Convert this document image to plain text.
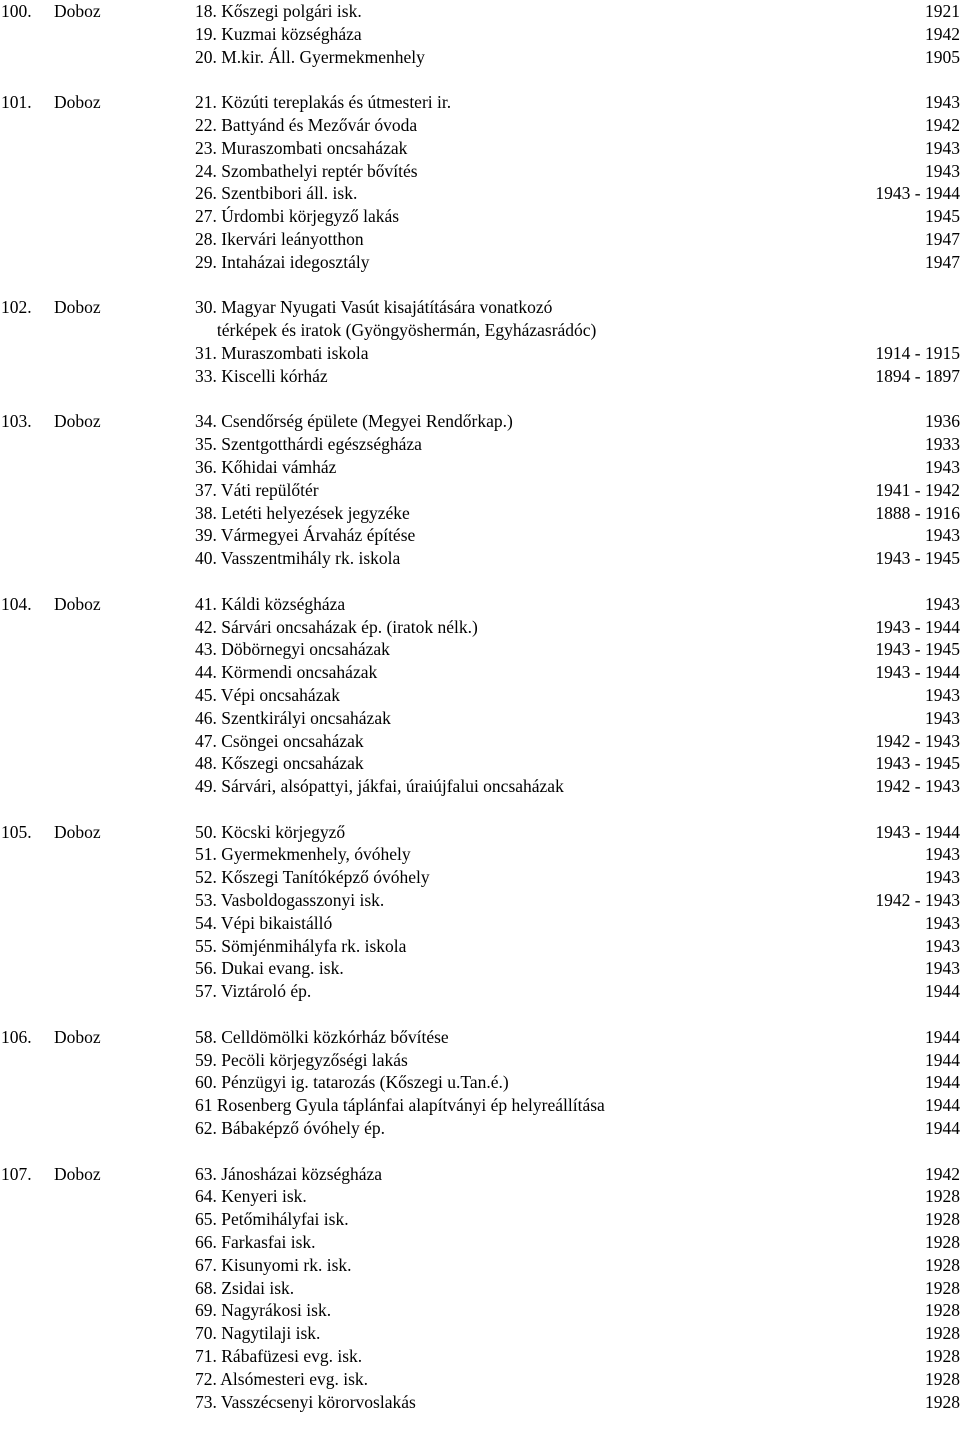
100. Doboz	18. Kőszegi polgári isk.	1921
19. Kuzmai községháza	1942
20. M.kir. Áll. Gyermekmenhely	1905
101. Doboz	21. Közúti tereplakás és útmesteri ir.	1943
22. Battyánd és Mezővár óvoda	1942
23. Muraszombati oncsaházak	1943
24. Szombathelyi reptér bővítés	1943
26. Szentbibori áll. isk.	1943 - 1944
27. Úrdombi körjegyző lakás	1945
28. Ikervári leányotthon	1947
29. Intaházai idegosztály	1947
102. Doboz	30. Magyar Nyugati Vasút kisajátítására vonatkozó
térképek és iratok (Gyöngyöshermán, Egyházasrádóc)
31. Muraszombati iskola	1914 - 1915
33. Kiscelli kórház	1894 - 1897
103. Doboz	34. Csendőrség épülete (Megyei Rendőrkap.)	1936
35. Szentgotthárdi egészségháza	1933
36. Kőhidai vámház	1943
37. Váti repülőtér	1941 - 1942
38. Letéti helyezések jegyzéke	1888 - 1916
39. Vármegyei Árvaház építése	1943
40. Vasszentmihály rk. iskola	1943 - 1945
104. Doboz	41. Káldi községháza	1943
42. Sárvári oncsaházak ép. (iratok nélk.)	1943 - 1944
43. Döbörnegyi oncsaházak	1943 - 1945
44. Körmendi oncsaházak	1943 - 1944
45. Vépi oncsaházak	1943
46. Szentkirályi oncsaházak	1943
47. Csöngei oncsaházak	1942 - 1943
48. Kőszegi oncsaházak	1943 - 1945
49. Sárvári, alsópattyi, jákfai, úraiújfalui oncsaházak	1942 - 1943
105. Doboz	50. Köcski körjegyző	1943 - 1944
51. Gyermekmenhely, óvóhely	1943
52. Kőszegi Tanítóképző óvóhely	1943
53. Vasboldogasszonyi isk.	1942 - 1943
54. Vépi bikaistálló	1943
55. Sömjénmihályfa rk. iskola	1943
56. Dukai evang. isk.	1943
57. Viztároló ép.	1944
106. Doboz	58. Celldömölki közkórház bővítése	1944
59. Pecöli körjegyzőségi lakás	1944
60. Pénzügyi ig. tatarozás (Kőszegi u.Tan.é.)	1944
61 Rosenberg Gyula táplánfai alapítványi ép helyreállítása	1944
62. Bábaképző óvóhely ép.	1944
107. Doboz	63. Jánosházai községháza	1942
64. Kenyeri isk.	1928
65. Petőmihályfai isk.	1928
66. Farkasfai isk.	1928
67. Kisunyomi rk. isk.	1928
68. Zsidai isk.	1928
69. Nagyrákosi isk.	1928
70. Nagytilaji isk.	1928
71. Rábafüzesi evg. isk.	1928
72. Alsómesteri evg. isk.	1928
73. Vasszécsenyi körorvoslakás	1928
